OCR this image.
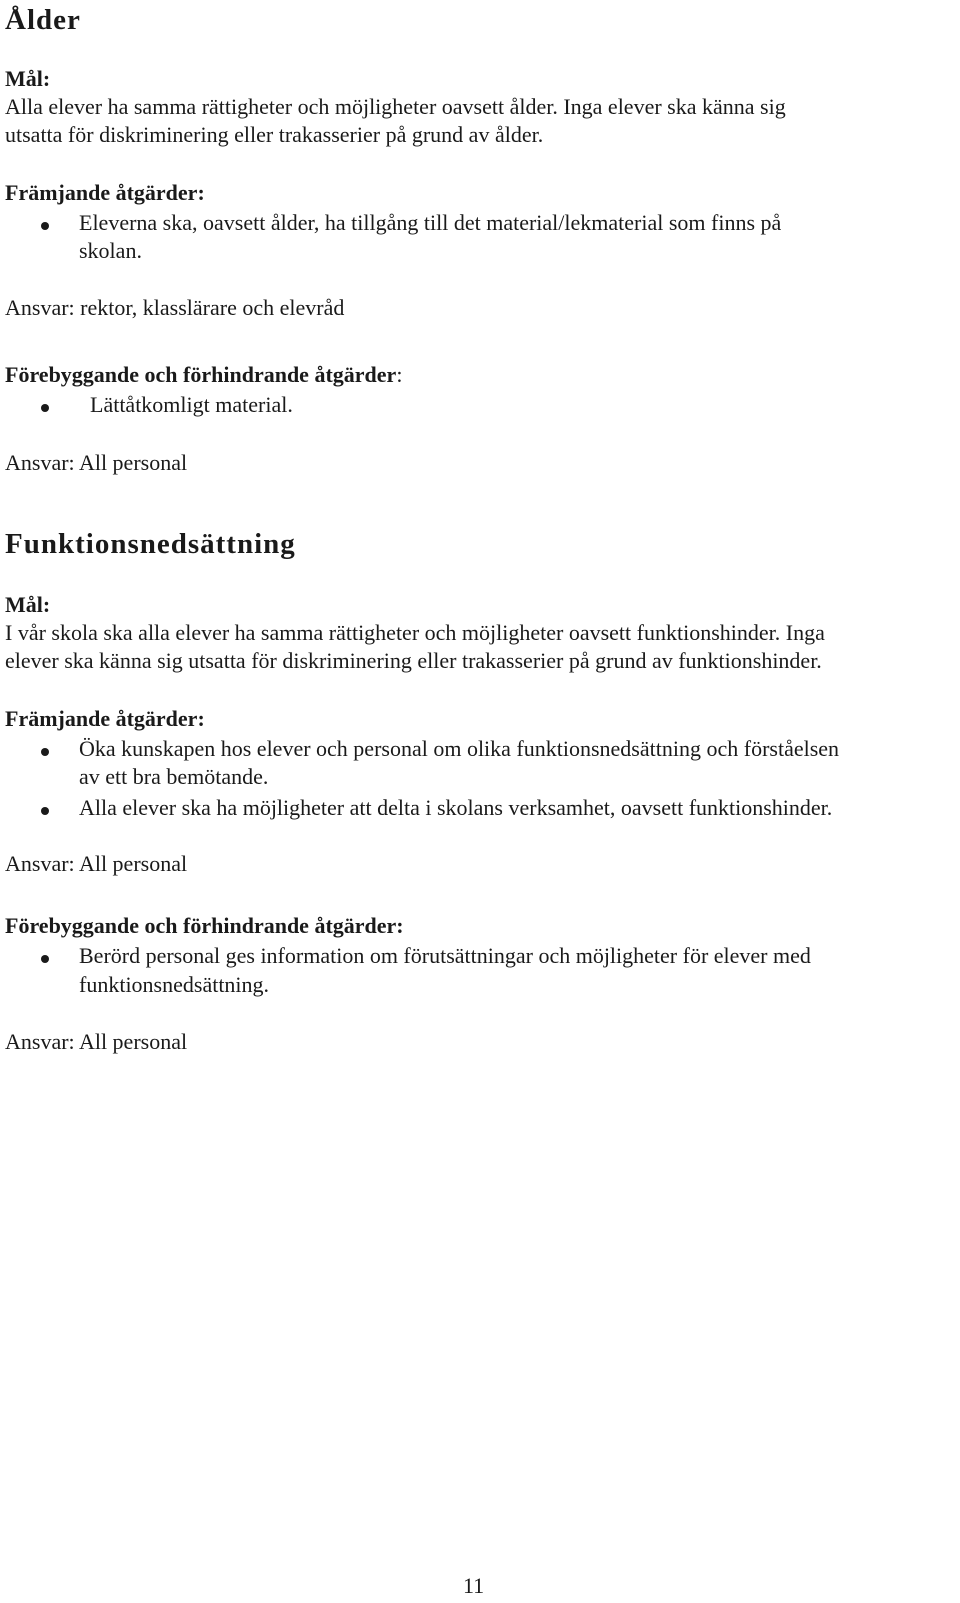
Ålder
Mål:
Alla elever ha samma rättigheter och möjligheter oavsett ålder. Inga elever ska känna sig
utsatta för diskriminering eller trakasserier på grund av ålder.
Främjande åtgärder:
Eleverna ska, oavsett ålder, ha tillgång till det material/lekmaterial som finns på
skolan.
Ansvar: rektor, klasslärare och elevråd
Förebyggande och förhindrande åtgärder:
Lättåtkomligt material.
Ansvar: All personal
Funktionsnedsättning
Mål:
I vår skola ska alla elever ha samma rättigheter och möjligheter oavsett funktionshinder. Inga
elever ska känna sig utsatta för diskriminering eller trakasserier på grund av funktionshinder.
Främjande åtgärder:
Öka kunskapen hos elever och personal om olika funktionsnedsättning och förståelsen
av ett bra bemötande.
Alla elever ska ha möjligheter att delta i skolans verksamhet, oavsett funktionshinder.
Ansvar: All personal
Förebyggande och förhindrande åtgärder:
Berörd personal ges information om förutsättningar och möjligheter för elever med
funktionsnedsättning.
Ansvar: All personal
11
